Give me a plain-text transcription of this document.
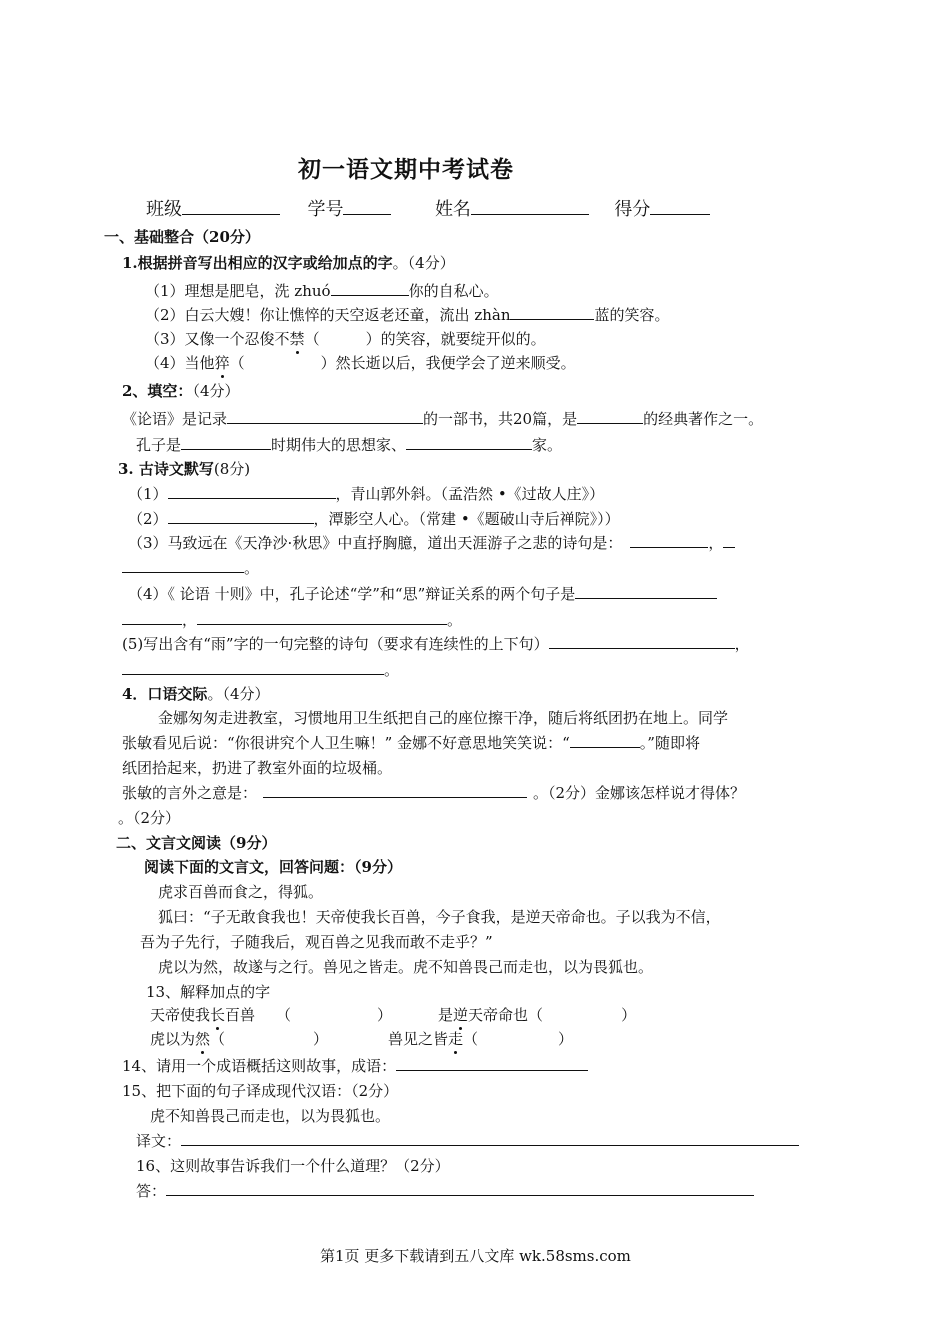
初一语文期中考试卷
班级	学号	姓名	得分
一、基础整合（20分）
1.根据拼音写出相应的汉字或给加点的字。（4分）
（1）理想是肥皂，洗 zhuó	你的自私心。
（2）白云大嫂！你让憔悴的天空返老还童，流出 zhàn	蓝的笑容。
（3）又像一个忍俊不禁（	）的笑容，就要绽开似的。
（4）当他猝（	）然长逝以后，我便学会了逆来顺受。
2、填空：（4分）
《论语》是记录	的一部书，共20篇，是	的经典著作之一。
孔子是	时期伟大的思想家、	家。
3. 古诗文默写(8分)
（1）	，青山郭外斜。（孟浩然 •《过故人庄》）
（2）	，潭影空人心。（常建 •《题破山寺后禅院》））
（3）马致远在《天净沙·秋思》中直抒胸臆，道出天涯游子之悲的诗句是：	，
。
（4）《 论语 十则》中，孔子论述“学”和“思”辩证关系的两个句子是
，	。
(5)写出含有“雨”字的一句完整的诗句（要求有连续性的上下句）	，
。
4．口语交际。（4分）
金娜匆匆走进教室，习惯地用卫生纸把自己的座位擦干净，随后将纸团扔在地上。同学
张敏看见后说：“你很讲究个人卫生嘛！” 金娜不好意思地笑笑说：“	。”随即将
纸团拾起来，扔进了教室外面的垃圾桶。
张敏的言外之意是：	。（2分）金娜该怎样说才得体？
。（2分）
二、文言文阅读（9分）
阅读下面的文言文，回答问题：（9分）
虎求百兽而食之，得狐。
狐曰：“子无敢食我也！天帝使我长百兽，今子食我，是逆天帝命也。子以我为不信，
吾为子先行，子随我后，观百兽之见我而敢不走乎？”
虎以为然，故遂与之行。兽见之皆走。虎不知兽畏己而走也，以为畏狐也。
13、解释加点的字
天帝使我长百兽 （	）	是逆天帝命也（	）
虎以为然（	）	兽见之皆走（	）
14、请用一个成语概括这则故事，成语：
15、把下面的句子译成现代汉语：（2分）
虎不知兽畏己而走也，以为畏狐也。
译文：
16、这则故事告诉我们一个什么道理？（2分）
答：
第1页 更多下载请到五八文库 wk.58sms.com
